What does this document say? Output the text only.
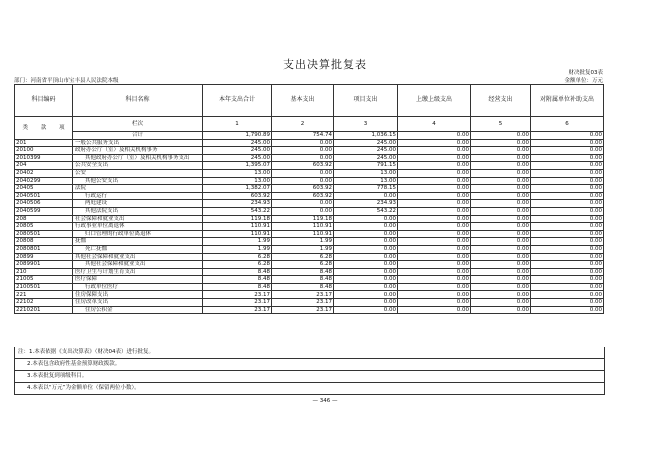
支出决算批复表
财决批复03表
部门：河南省平顶山市宝丰县人民法院本级	金额单位：万元
科目编码	科目名称	本年支出合计	基本支出	项目支出	上缴上级支出	经营支出	对附属单位补助支出
类 款 项	栏次	1	2	3	4	5	6
	合计	1,790.89	754.74	1,036.15	0.00	0.00	0.00
201	一般公共服务支出	245.00	0.00	245.00	0.00	0.00	0.00
20100	政府办公厅（室）及相关机构事务	245.00	0.00	245.00	0.00	0.00	0.00
2010399	其他政府办公厅（室）及相关机构事务支出	245.00	0.00	245.00	0.00	0.00	0.00
204	公共安全支出	1,395.07	603.92	791.15	0.00	0.00	0.00
20402	公安	13.00	0.00	13.00	0.00	0.00	0.00
2040299	其他公安支出	13.00	0.00	13.00	0.00	0.00	0.00
20405	法院	1,382.07	603.92	778.15	0.00	0.00	0.00
2040501	行政运行	603.92	603.92	0.00	0.00	0.00	0.00
2040506	两庭建设	234.93	0.00	234.93	0.00	0.00	0.00
2040599	其他法院支出	543.22	0.00	543.22	0.00	0.00	0.00
208	社会保障和就业支出	119.18	119.18	0.00	0.00	0.00	0.00
20805	行政事业单位离退休	110.91	110.91	0.00	0.00	0.00	0.00
2080501	归口管理的行政单位离退休	110.91	110.91	0.00	0.00	0.00	0.00
20808	抚恤	1.99	1.99	0.00	0.00	0.00	0.00
2080801	死亡抚恤	1.99	1.99	0.00	0.00	0.00	0.00
20899	其他社会保障和就业支出	6.28	6.28	0.00	0.00	0.00	0.00
2089901	其他社会保障和就业支出	6.28	6.28	0.00	0.00	0.00	0.00
210	医疗卫生与计划生育支出	8.48	8.48	0.00	0.00	0.00	0.00
21005	医疗保障	8.48	8.48	0.00	0.00	0.00	0.00
2100501	行政单位医疗	8.48	8.48	0.00	0.00	0.00	0.00
221	住房保障支出	23.17	23.17	0.00	0.00	0.00	0.00
22102	住房改革支出	23.17	23.17	0.00	0.00	0.00	0.00
2210201	住房公积金	23.17	23.17	0.00	0.00	0.00	0.00
注：1.本表依据《支出决算表》（财决04表）进行批复。
2.本表包含政府性基金预算财政拨款。
3.本表批复到项级科目。
4.本表以“万元”为金额单位（保留两位小数）。
— 346 —
